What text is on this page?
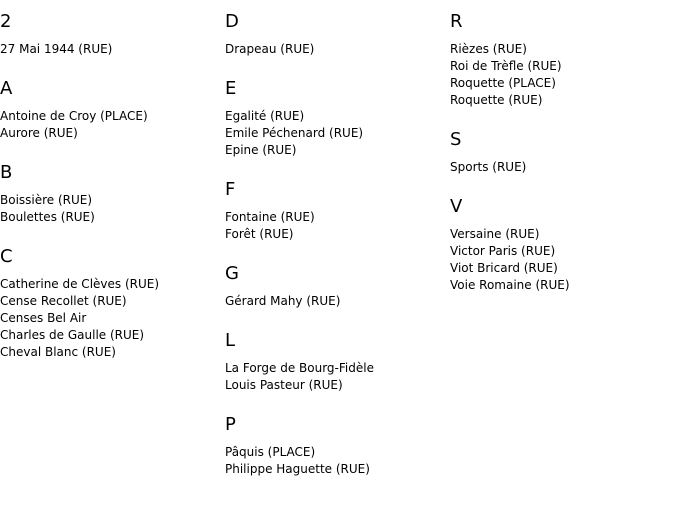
2
27 Mai 1944 (RUE)
A
Antoine de Croy (PLACE)
Aurore (RUE)
B
Boissière (RUE)
Boulettes (RUE)
C
Catherine de Clèves (RUE)
Cense Recollet (RUE)
Censes Bel Air
Charles de Gaulle (RUE)
Cheval Blanc (RUE)
D
Drapeau (RUE)
E
Egalité (RUE)
Emile Péchenard (RUE)
Epine (RUE)
F
Fontaine (RUE)
Forêt (RUE)
G
Gérard Mahy (RUE)
L
La Forge de Bourg-Fidèle
Louis Pasteur (RUE)
P
Pâquis (PLACE)
Philippe Haguette (RUE)
R
Rièzes (RUE)
Roi de Trèfle (RUE)
Roquette (PLACE)
Roquette (RUE)
S
Sports (RUE)
V
Versaine (RUE)
Victor Paris (RUE)
Viot Bricard (RUE)
Voie Romaine (RUE)
